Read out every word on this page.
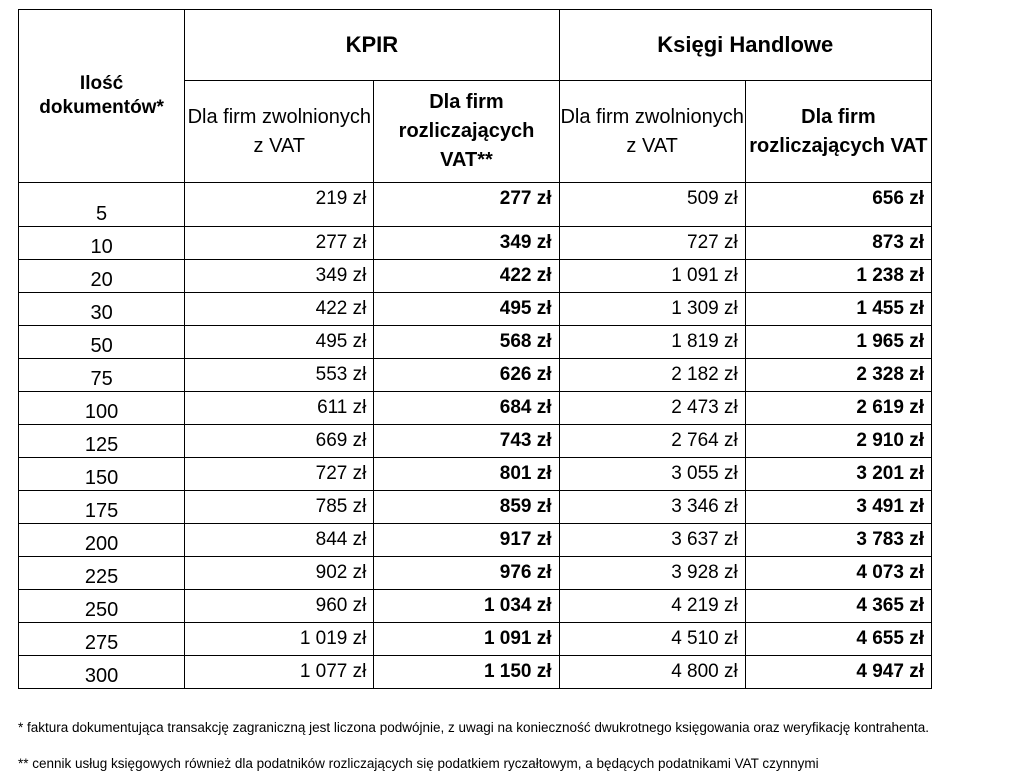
Ilość dokumentów*	KPIR		Księgi Handlowe	
	Dla firm zwolnionych z VAT	Dla firm rozliczających VAT**	Dla firm zwolnionych z VAT	Dla firm rozliczających VAT
5	219 zł	277 zł	509 zł	656 zł
10	277 zł	349 zł	727 zł	873 zł
20	349 zł	422 zł	1 091 zł	1 238 zł
30	422 zł	495 zł	1 309 zł	1 455 zł
50	495 zł	568 zł	1 819 zł	1 965 zł
75	553 zł	626 zł	2 182 zł	2 328 zł
100	611 zł	684 zł	2 473 zł	2 619 zł
125	669 zł	743 zł	2 764 zł	2 910 zł
150	727 zł	801 zł	3 055 zł	3 201 zł
175	785 zł	859 zł	3 346 zł	3 491 zł
200	844 zł	917 zł	3 637 zł	3 783 zł
225	902 zł	976 zł	3 928 zł	4 073 zł
250	960 zł	1 034 zł	4 219 zł	4 365 zł
275	1 019 zł	1 091 zł	4 510 zł	4 655 zł
300	1 077 zł	1 150 zł	4 800 zł	4 947 zł
* faktura dokumentująca transakcję zagraniczną jest liczona podwójnie, z uwagi na konieczność dwukrotnego księgowania oraz weryfikację kontrahenta.
** cennik usług księgowych również dla podatników rozliczających się podatkiem ryczałtowym, a będących podatnikami VAT czynnymi
